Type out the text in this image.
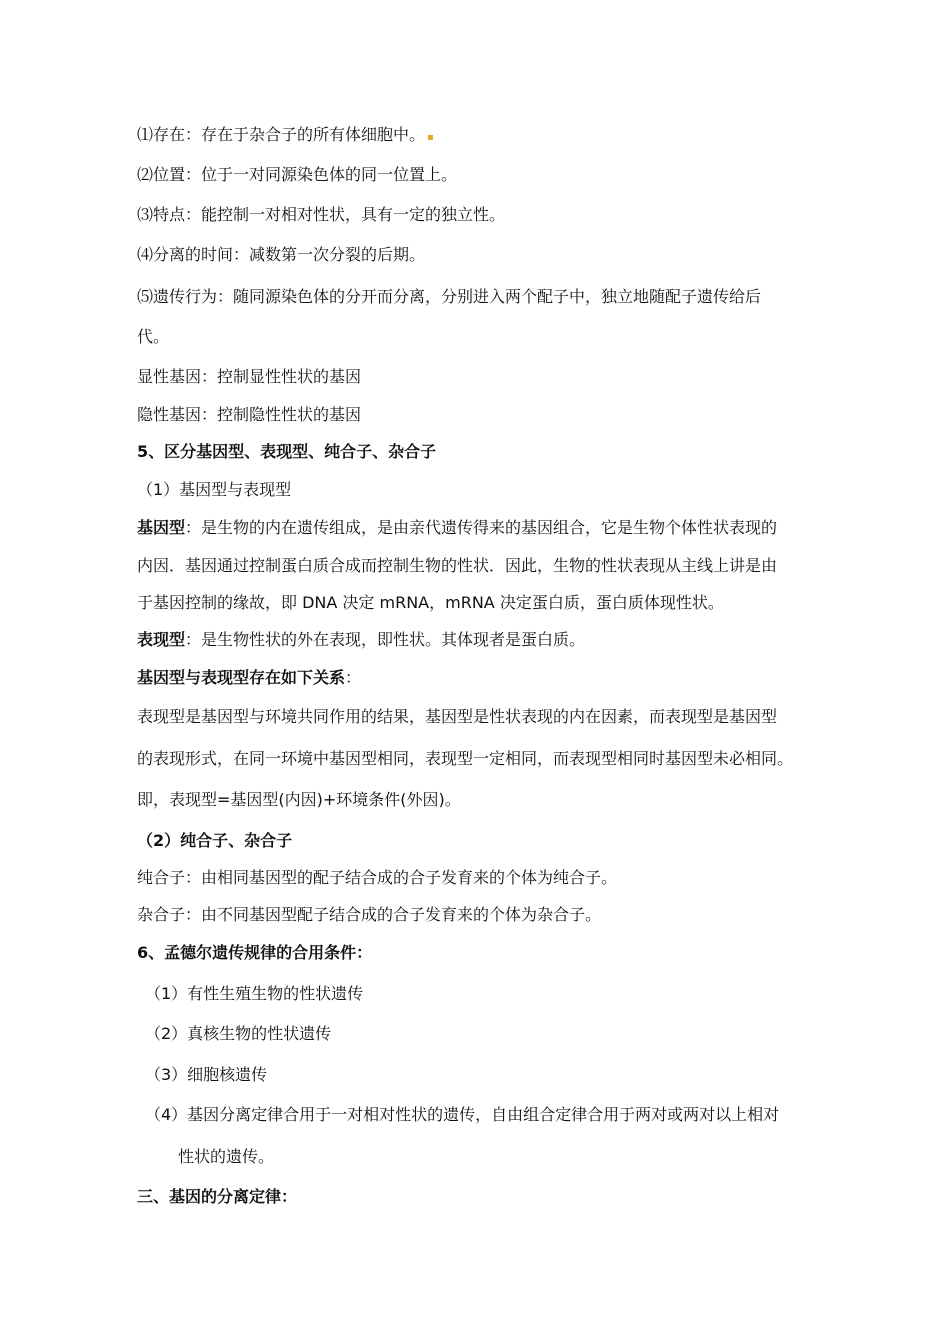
⑴存在：存在于杂合子的所有体细胞中。 ▪
⑵位置：位于一对同源染色体的同一位置上。
⑶特点：能控制一对相对性状，具有一定的独立性。
⑷分离的时间：减数第一次分裂的后期。
⑸遗传行为：随同源染色体的分开而分离，分别进入两个配子中，独立地随配子遗传给后
代。
显性基因：控制显性性状的基因
隐性基因：控制隐性性状的基因
5、区分基因型、表现型、纯合子、杂合子
（1）基因型与表现型
基因型：是生物的内在遗传组成，是由亲代遗传得来的基因组合，它是生物个体性状表现的
内因．基因通过控制蛋白质合成而控制生物的性状．因此，生物的性状表现从主线上讲是由
于基因控制的缘故，即 DNA 决定 mRNA，mRNA 决定蛋白质，蛋白质体现性状。
表现型：是生物性状的外在表现，即性状。其体现者是蛋白质。
基因型与表现型存在如下关系：
表现型是基因型与环境共同作用的结果，基因型是性状表现的内在因素，而表现型是基因型
的表现形式，在同一环境中基因型相同，表现型一定相同，而表现型相同时基因型未必相同。
即，表现型=基因型(内因)+环境条件(外因)。
（2）纯合子、杂合子
纯合子：由相同基因型的配子结合成的合子发育来的个体为纯合子。
杂合子：由不同基因型配子结合成的合子发育来的个体为杂合子。
6、孟德尔遗传规律的合用条件：
（1）有性生殖生物的性状遗传
（2）真核生物的性状遗传
（3）细胞核遗传
（4）基因分离定律合用于一对相对性状的遗传，自由组合定律合用于两对或两对以上相对
性状的遗传。
三、基因的分离定律：
